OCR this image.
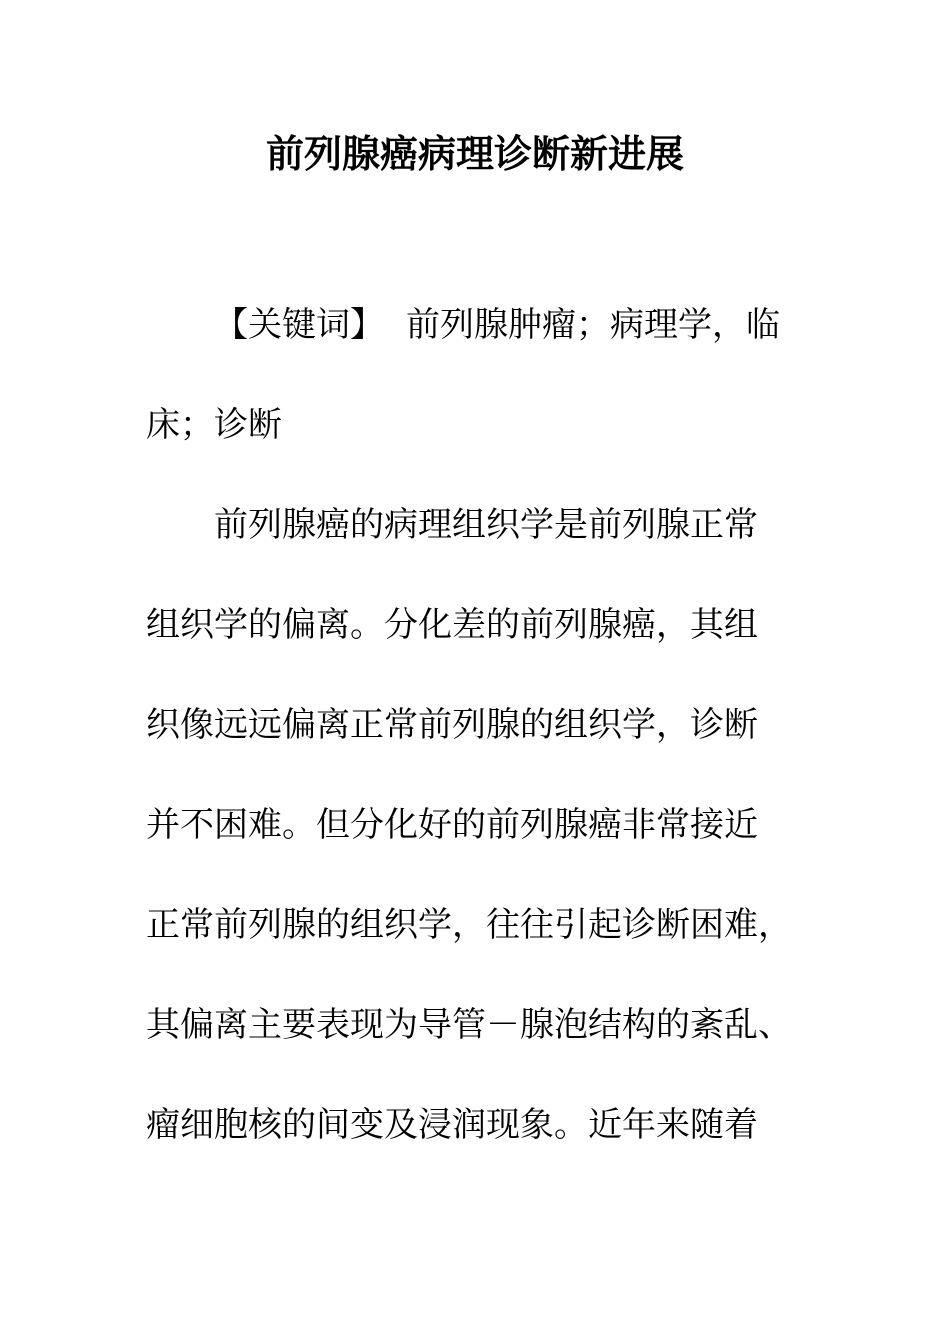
前列腺癌病理诊断新进展
【关键词】 前列腺肿瘤；病理学，临
床；诊断
前列腺癌的病理组织学是前列腺正常
组织学的偏离。分化差的前列腺癌，其组
织像远远偏离正常前列腺的组织学，诊断
并不困难。但分化好的前列腺癌非常接近
正常前列腺的组织学，往往引起诊断困难，
其偏离主要表现为导管－腺泡结构的紊乱、
瘤细胞核的间变及浸润现象。近年来随着
